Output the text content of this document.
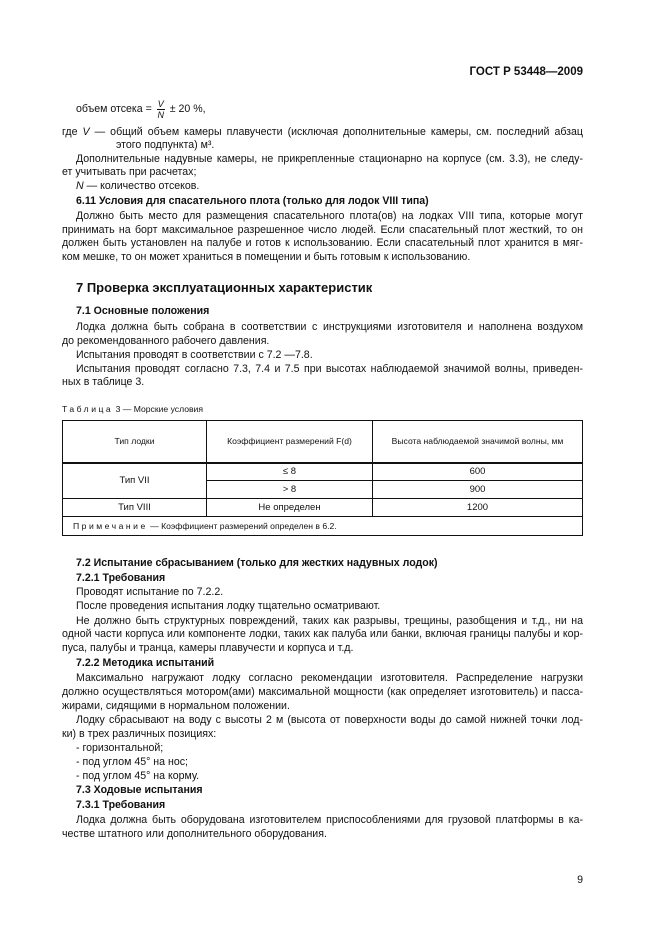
ГОСТ Р 53448—2009
объем отсека = $\frac{V}{N} \pm 20$ %,
где V — общий объем камеры плавучести (исключая дополнительные камеры, см. последний абзац
этого подпункта) м³.
Дополнительные надувные камеры, не прикрепленные стационарно на корпусе (см. 3.3), не следу-
ет учитывать при расчетах;
N — количество отсеков.
6.11 Условия для спасательного плота (только для лодок VIII типа)
Должно быть место для размещения спасательного плота(ов) на лодках VIII типа, которые могут
принимать на борт максимальное разрешенное число людей. Если спасательный плот жесткий, то он
должен быть установлен на палубе и готов к использованию. Если спасательный плот хранится в мяг-
ком мешке, то он может храниться в помещении и быть готовым к использованию.
7 Проверка эксплуатационных характеристик
7.1 Основные положения
Лодка должна быть собрана в соответствии с инструкциями изготовителя и наполнена воздухом
до рекомендованного рабочего давления.
Испытания проводят в соответствии с 7.2 —7.8.
Испытания проводят согласно 7.3, 7.4 и 7.5 при высотах наблюдаемой значимой волны, приведен-
ных в таблице 3.
Таблица 3 — Морские условия
Тип лодки	Коэффициент размерений F(d)	Высота наблюдаемой значимой волны, мм
Тип VII	≤ 8	600
	> 8	900
Тип VIII	Не определен	1200
Примечание — Коэффициент размерений определен в 6.2.		
7.2 Испытание сбрасыванием (только для жестких надувных лодок)
7.2.1 Требования
Проводят испытание по 7.2.2.
После проведения испытания лодку тщательно осматривают.
Не должно быть структурных повреждений, таких как разрывы, трещины, разобщения и т.д., ни на
одной части корпуса или компоненте лодки, таких как палуба или банки, включая границы палубы и кор-
пуса, палубы и транца, камеры плавучести и корпуса и т.д.
7.2.2 Методика испытаний
Максимально нагружают лодку согласно рекомендации изготовителя. Распределение нагрузки
должно осуществляться мотором(ами) максимальной мощности (как определяет изготовитель) и пасса-
жирами, сидящими в нормальном положении.
Лодку сбрасывают на воду с высоты 2 м (высота от поверхности воды до самой нижней точки лод-
ки) в трех различных позициях:
- горизонтальной;
- под углом 45° на нос;
- под углом 45° на корму.
7.3 Ходовые испытания
7.3.1 Требования
Лодка должна быть оборудована изготовителем приспособлениями для грузовой платформы в ка-
честве штатного или дополнительного оборудования.
9
